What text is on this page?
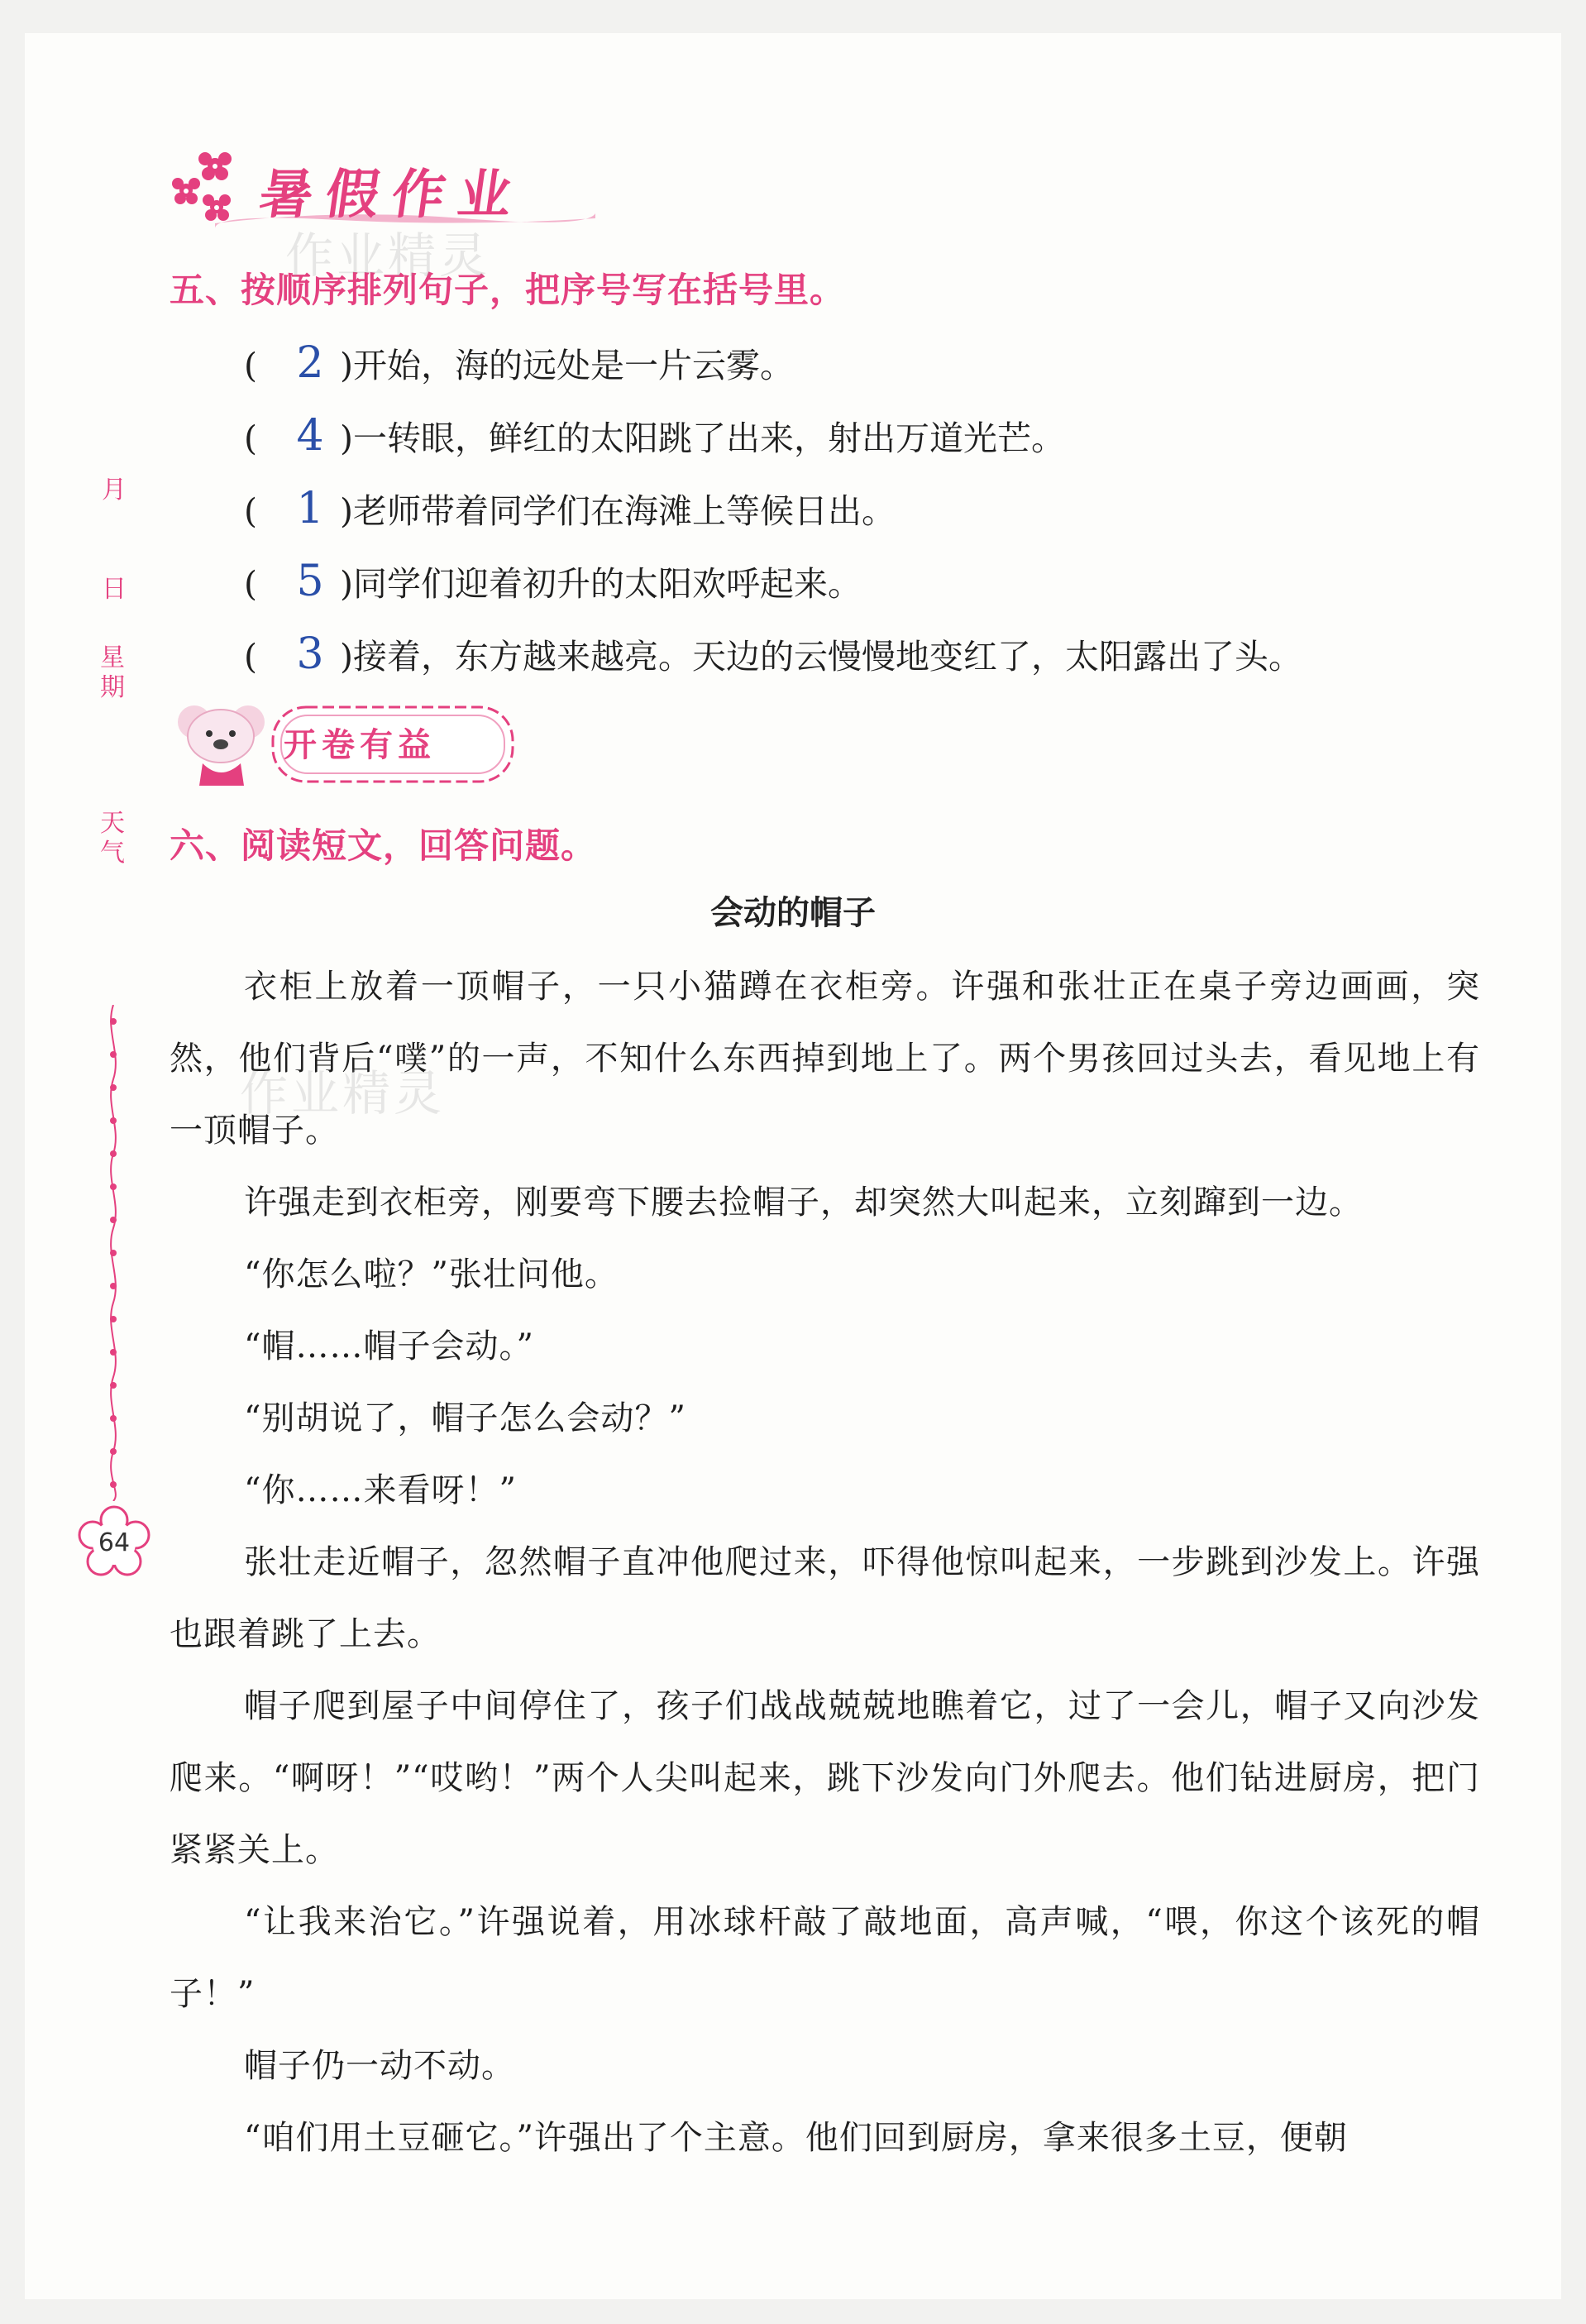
暑假作业
五、按顺序排列句子，把序号写在括号里。
( 2 )开始，海的远处是一片云雾。
( 4 )一转眼，鲜红的太阳跳了出来，射出万道光芒。
( 1 )老师带着同学们在海滩上等候日出。
( 5 )同学们迎着初升的太阳欢呼起来。
( 3 )接着，东方越来越亮。天边的云慢慢地变红了，太阳露出了头。
月
日
星期
天气
64
开卷有益
六、阅读短文，回答问题。
会动的帽子

衣柜上放着一顶帽子，一只小猫蹲在衣柜旁。许强和张壮正在桌子旁边画画，突然，他们背后“噗”的一声，不知什么东西掉到地上了。两个男孩回过头去，看见地上有一顶帽子。

许强走到衣柜旁，刚要弯下腰去捡帽子，却突然大叫起来，立刻蹿到一边。

“你怎么啦？”张壮问他。

“帽……帽子会动。”

“别胡说了，帽子怎么会动？”

“你……来看呀！”

张壮走近帽子，忽然帽子直冲他爬过来，吓得他惊叫起来，一步跳到沙发上。许强也跟着跳了上去。

帽子爬到屋子中间停住了，孩子们战战兢兢地瞧着它，过了一会儿，帽子又向沙发爬来。“啊呀！”“哎哟！”两个人尖叫起来，跳下沙发向门外爬去。他们钻进厨房，把门紧紧关上。

“让我来治它。”许强说着，用冰球杆敲了敲地面，高声喊，“喂，你这个该死的帽子！”

帽子仍一动不动。

“咱们用土豆砸它。”许强出了个主意。他们回到厨房，拿来很多土豆，便朝

作业精灵
作业精灵
